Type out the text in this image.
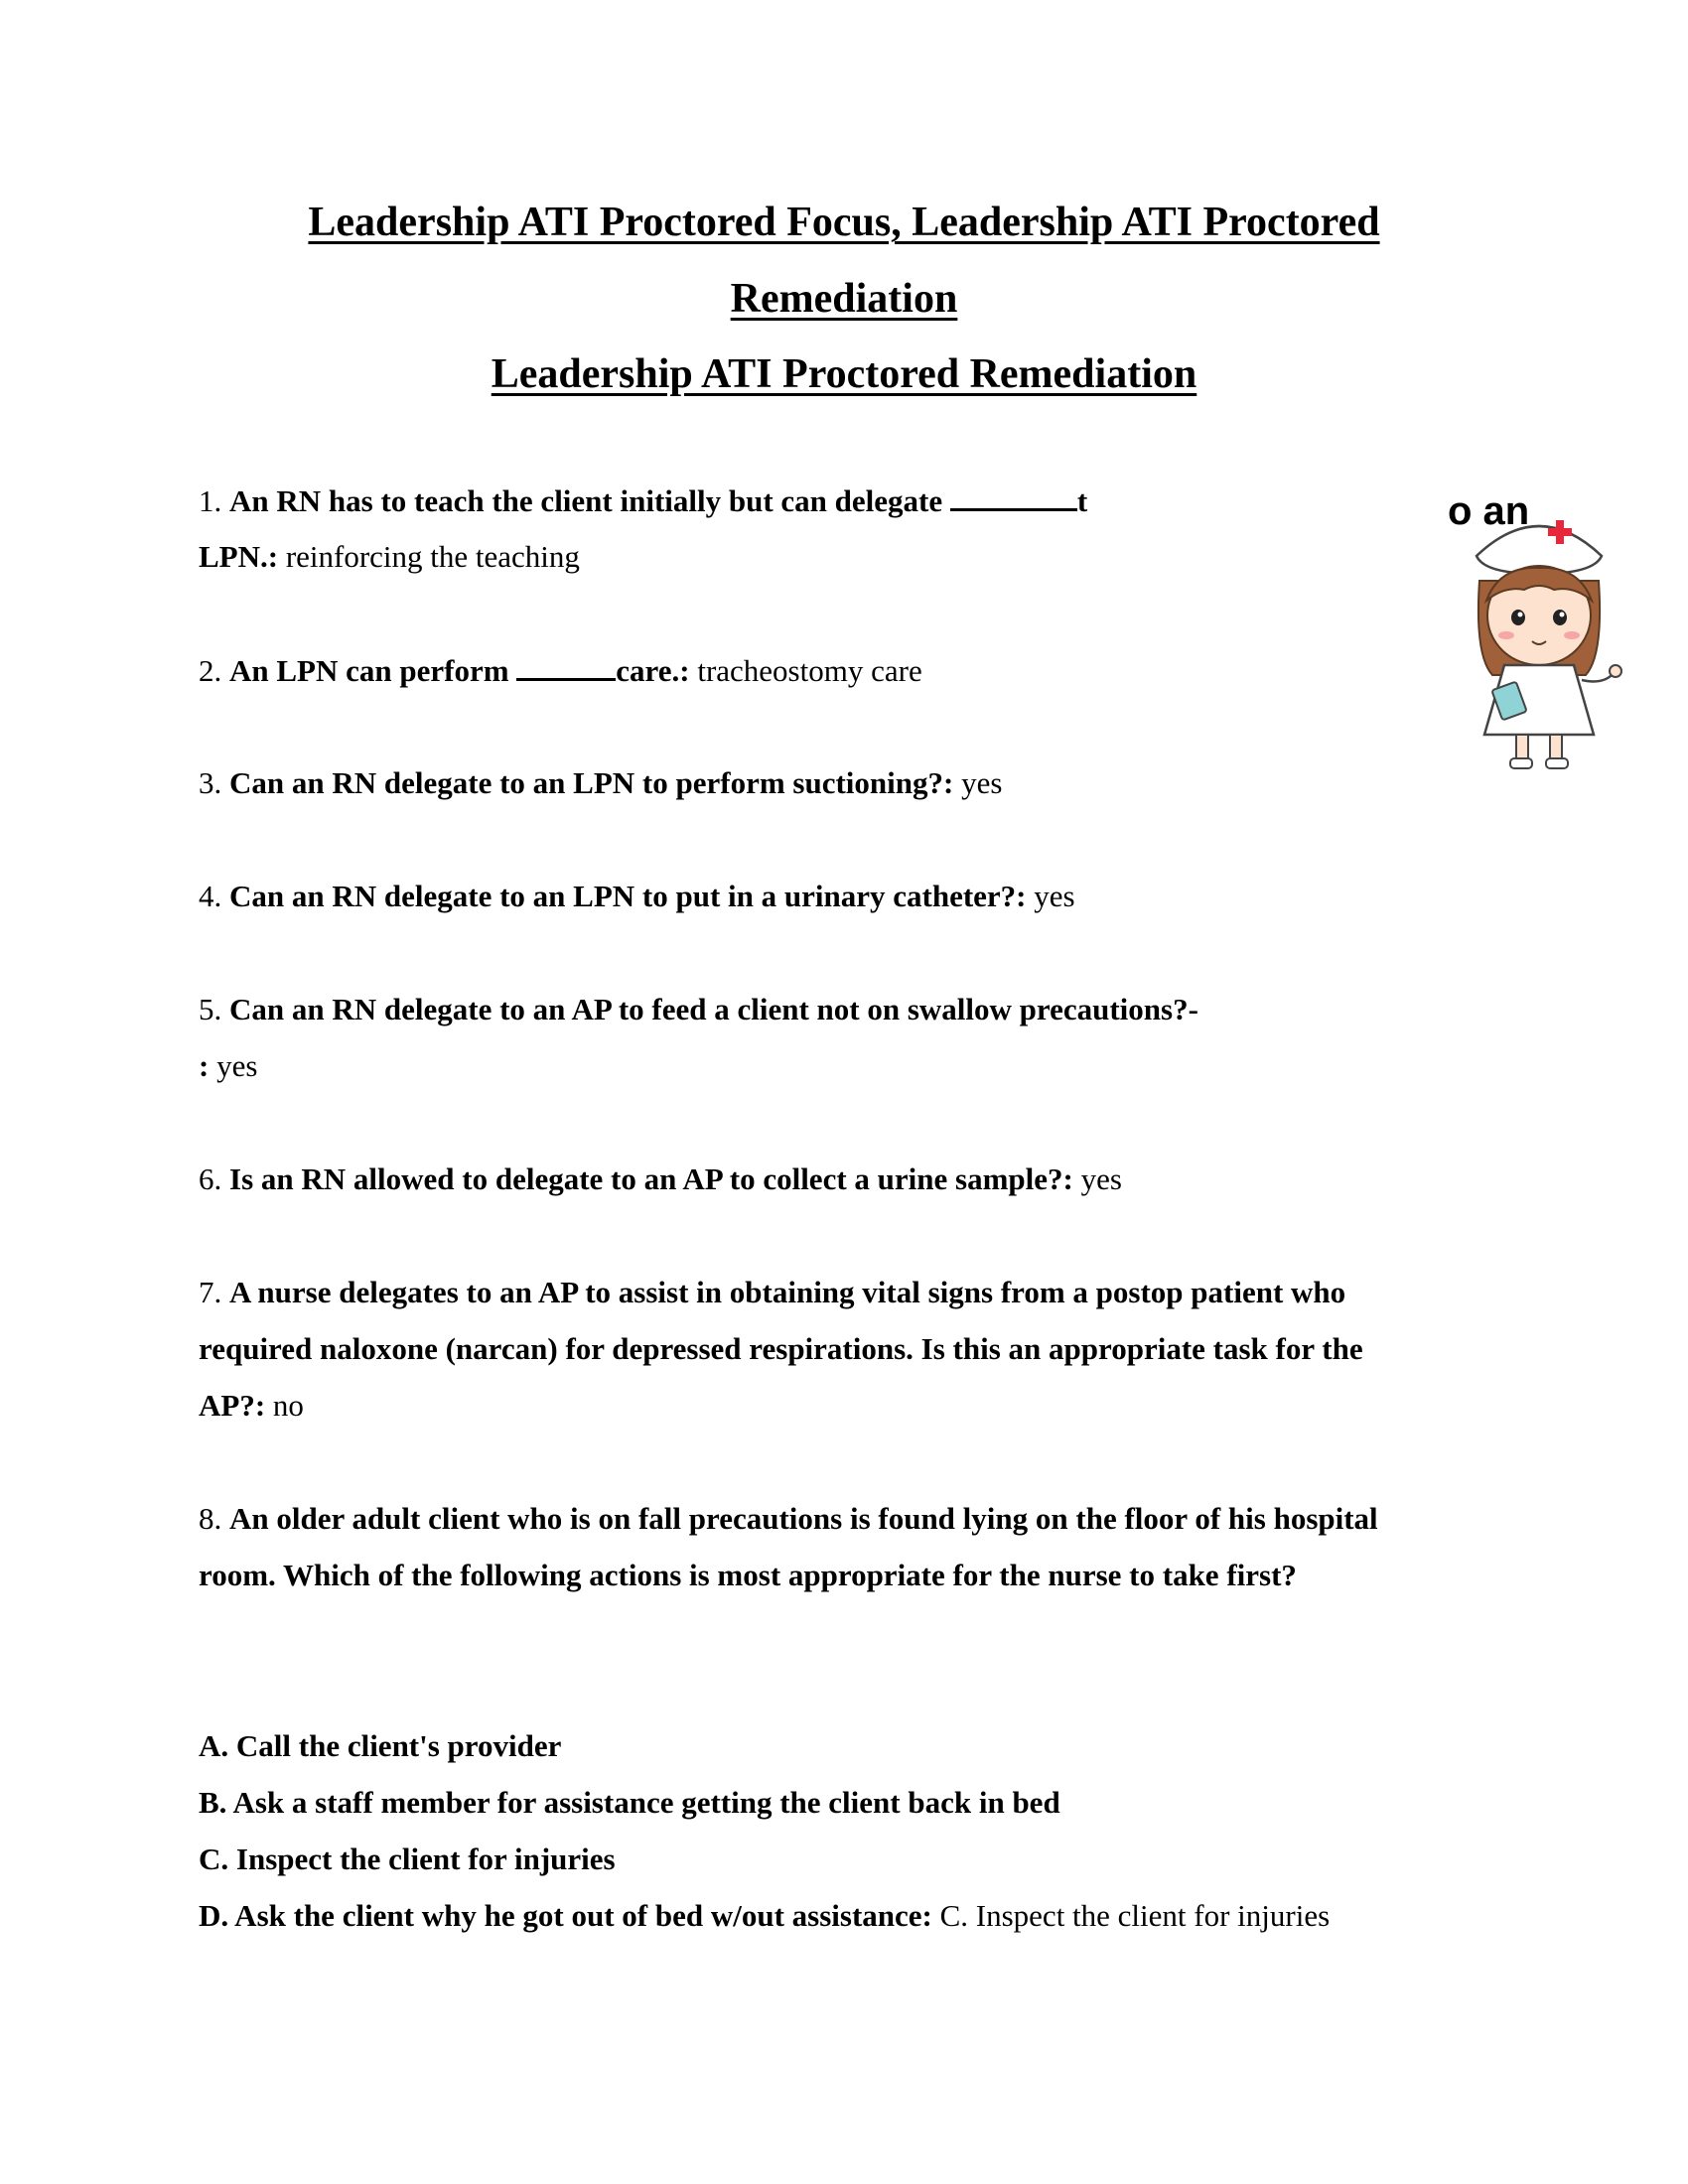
Leadership ATI Proctored Focus, Leadership ATI Proctored
Remediation
Leadership ATI Proctored Remediation
1. An RN has to teach the client initially but can delegate	t
LPN.: reinforcing the teaching
2. An LPN can perform	care.: tracheostomy care
3. Can an RN delegate to an LPN to perform suctioning?: yes
4. Can an RN delegate to an LPN to put in a urinary catheter?: yes
5. Can an RN delegate to an AP to feed a client not on swallow precautions?-
: yes
6. Is an RN allowed to delegate to an AP to collect a urine sample?: yes
7. A nurse delegates to an AP to assist in obtaining vital signs from a postop patient who
required naloxone (narcan) for depressed respirations. Is this an appropriate task for the
AP?: no
8. An older adult client who is on fall precautions is found lying on the floor of his hospital
room. Which of the following actions is most appropriate for the nurse to take first?
A. Call the client's provider
B. Ask a staff member for assistance getting the client back in bed
C. Inspect the client for injuries
D. Ask the client why he got out of bed w/out assistance: C. Inspect the client for injuries
o an
